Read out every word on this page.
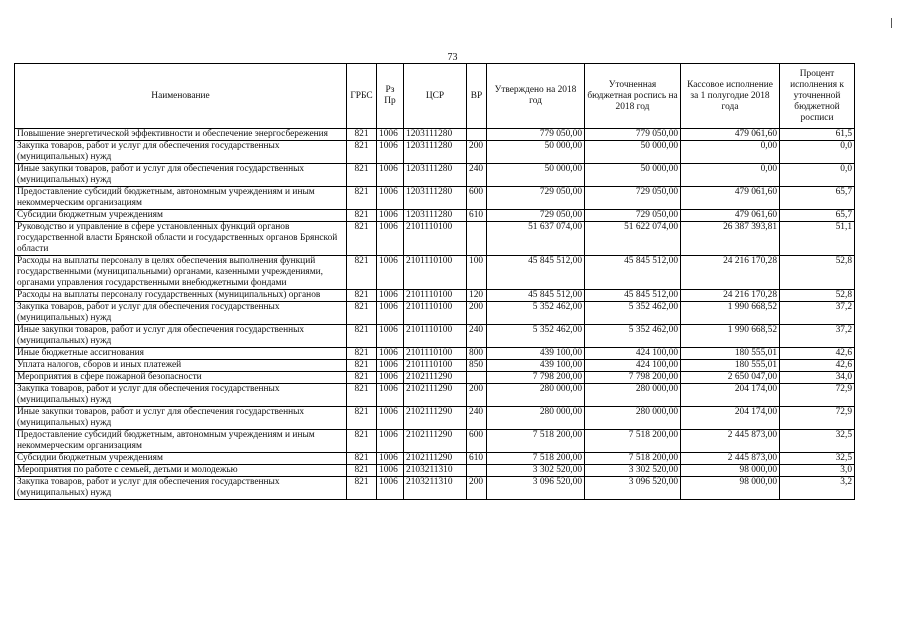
73
Наименование	ГРБС	Рз Пр	ЦСР	ВР	Утверждено на 2018 год	Уточненная бюджетная роспись на 2018 год	Кассовое исполнение за 1 полугодие 2018 года	Процент исполнения к уточненной бюджетной росписи
Повышение энергетической эффективности и обеспечение энергосбережения	821	1006	1203111280		779 050,00	779 050,00	479 061,60	61,5
Закупка товаров, работ и услуг для обеспечения государственных (муниципальных) нужд	821	1006	1203111280	200	50 000,00	50 000,00	0,00	0,0
Иные закупки товаров, работ и услуг для обеспечения государственных (муниципальных) нужд	821	1006	1203111280	240	50 000,00	50 000,00	0,00	0,0
Предоставление субсидий бюджетным, автономным учреждениям и иным некоммерческим организациям	821	1006	1203111280	600	729 050,00	729 050,00	479 061,60	65,7
Субсидии бюджетным учреждениям	821	1006	1203111280	610	729 050,00	729 050,00	479 061,60	65,7
Руководство и управление в сфере установленных функций органов государственной власти Брянской области и государственных органов Брянской области	821	1006	2101110100		51 637 074,00	51 622 074,00	26 387 393,81	51,1
Расходы на выплаты персоналу в целях обеспечения выполнения функций государственными (муниципальными) органами, казенными учреждениями, органами управления государственными внебюджетными фондами	821	1006	2101110100	100	45 845 512,00	45 845 512,00	24 216 170,28	52,8
Расходы на выплаты персоналу государственных (муниципальных) органов	821	1006	2101110100	120	45 845 512,00	45 845 512,00	24 216 170,28	52,8
Закупка товаров, работ и услуг для обеспечения государственных (муниципальных) нужд	821	1006	2101110100	200	5 352 462,00	5 352 462,00	1 990 668,52	37,2
Иные закупки товаров, работ и услуг для обеспечения государственных (муниципальных) нужд	821	1006	2101110100	240	5 352 462,00	5 352 462,00	1 990 668,52	37,2
Иные бюджетные ассигнования	821	1006	2101110100	800	439 100,00	424 100,00	180 555,01	42,6
Уплата налогов, сборов и иных платежей	821	1006	2101110100	850	439 100,00	424 100,00	180 555,01	42,6
Мероприятия в сфере пожарной безопасности	821	1006	2102111290		7 798 200,00	7 798 200,00	2 650 047,00	34,0
Закупка товаров, работ и услуг для обеспечения государственных (муниципальных) нужд	821	1006	2102111290	200	280 000,00	280 000,00	204 174,00	72,9
Иные закупки товаров, работ и услуг для обеспечения государственных (муниципальных) нужд	821	1006	2102111290	240	280 000,00	280 000,00	204 174,00	72,9
Предоставление субсидий бюджетным, автономным учреждениям и иным некоммерческим организациям	821	1006	2102111290	600	7 518 200,00	7 518 200,00	2 445 873,00	32,5
Субсидии бюджетным учреждениям	821	1006	2102111290	610	7 518 200,00	7 518 200,00	2 445 873,00	32,5
Мероприятия по работе с семьей, детьми и молодежью	821	1006	2103211310		3 302 520,00	3 302 520,00	98 000,00	3,0
Закупка товаров, работ и услуг для обеспечения государственных (муниципальных) нужд	821	1006	2103211310	200	3 096 520,00	3 096 520,00	98 000,00	3,2
